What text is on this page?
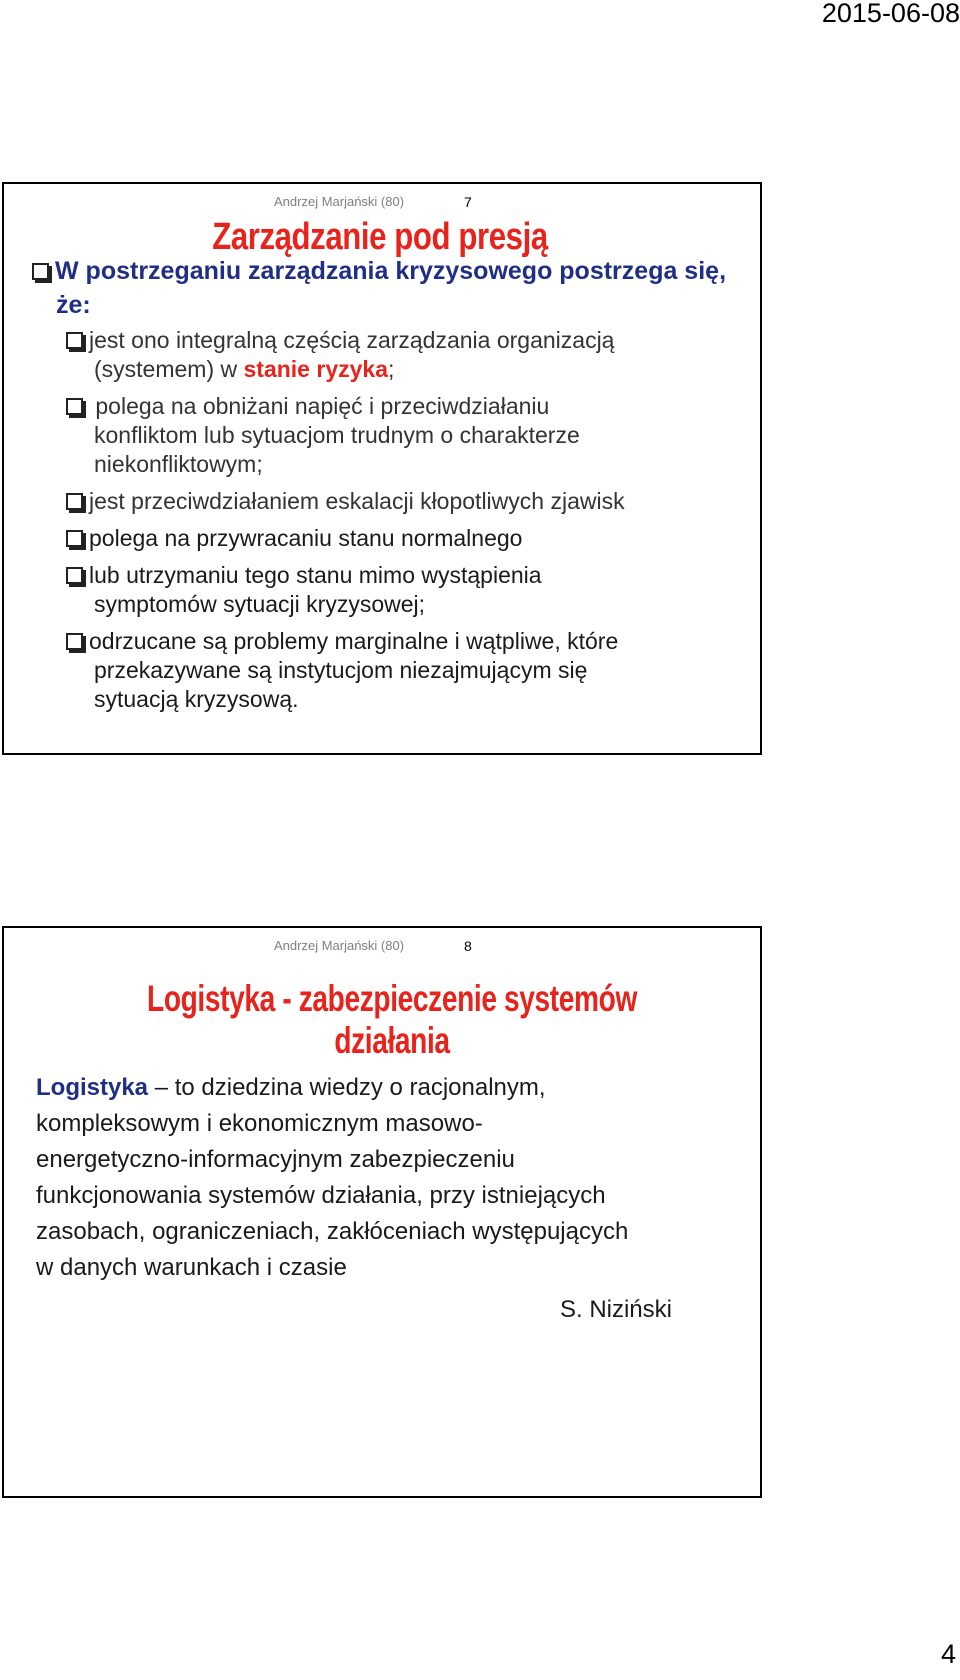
2015-06-08
Andrzej Marjański (80)	7
Zarządzanie pod presją
W postrzeganiu zarządzania kryzysowego postrzega się,
że:
jest ono integralną częścią zarządzania organizacją
(systemem) w stanie ryzyka;
polega na obniżani napięć i przeciwdziałaniu
konfliktom lub sytuacjom trudnym o charakterze
niekonfliktowym;
jest przeciwdziałaniem eskalacji kłopotliwych zjawisk
polega na przywracaniu stanu normalnego
lub utrzymaniu tego stanu mimo wystąpienia
symptomów sytuacji kryzysowej;
odrzucane są problemy marginalne i wątpliwe, które
przekazywane są instytucjom niezajmującym się
sytuacją kryzysową.
Andrzej Marjański (80)	8
Logistyka - zabezpieczenie systemów działania
Logistyka – to dziedzina wiedzy o racjonalnym,
kompleksowym i ekonomicznym masowo-
energetyczno-informacyjnym zabezpieczeniu
funkcjonowania systemów działania, przy istniejących
zasobach, ograniczeniach, zakłóceniach występujących
w danych warunkach i czasie
S. Niziński
4
